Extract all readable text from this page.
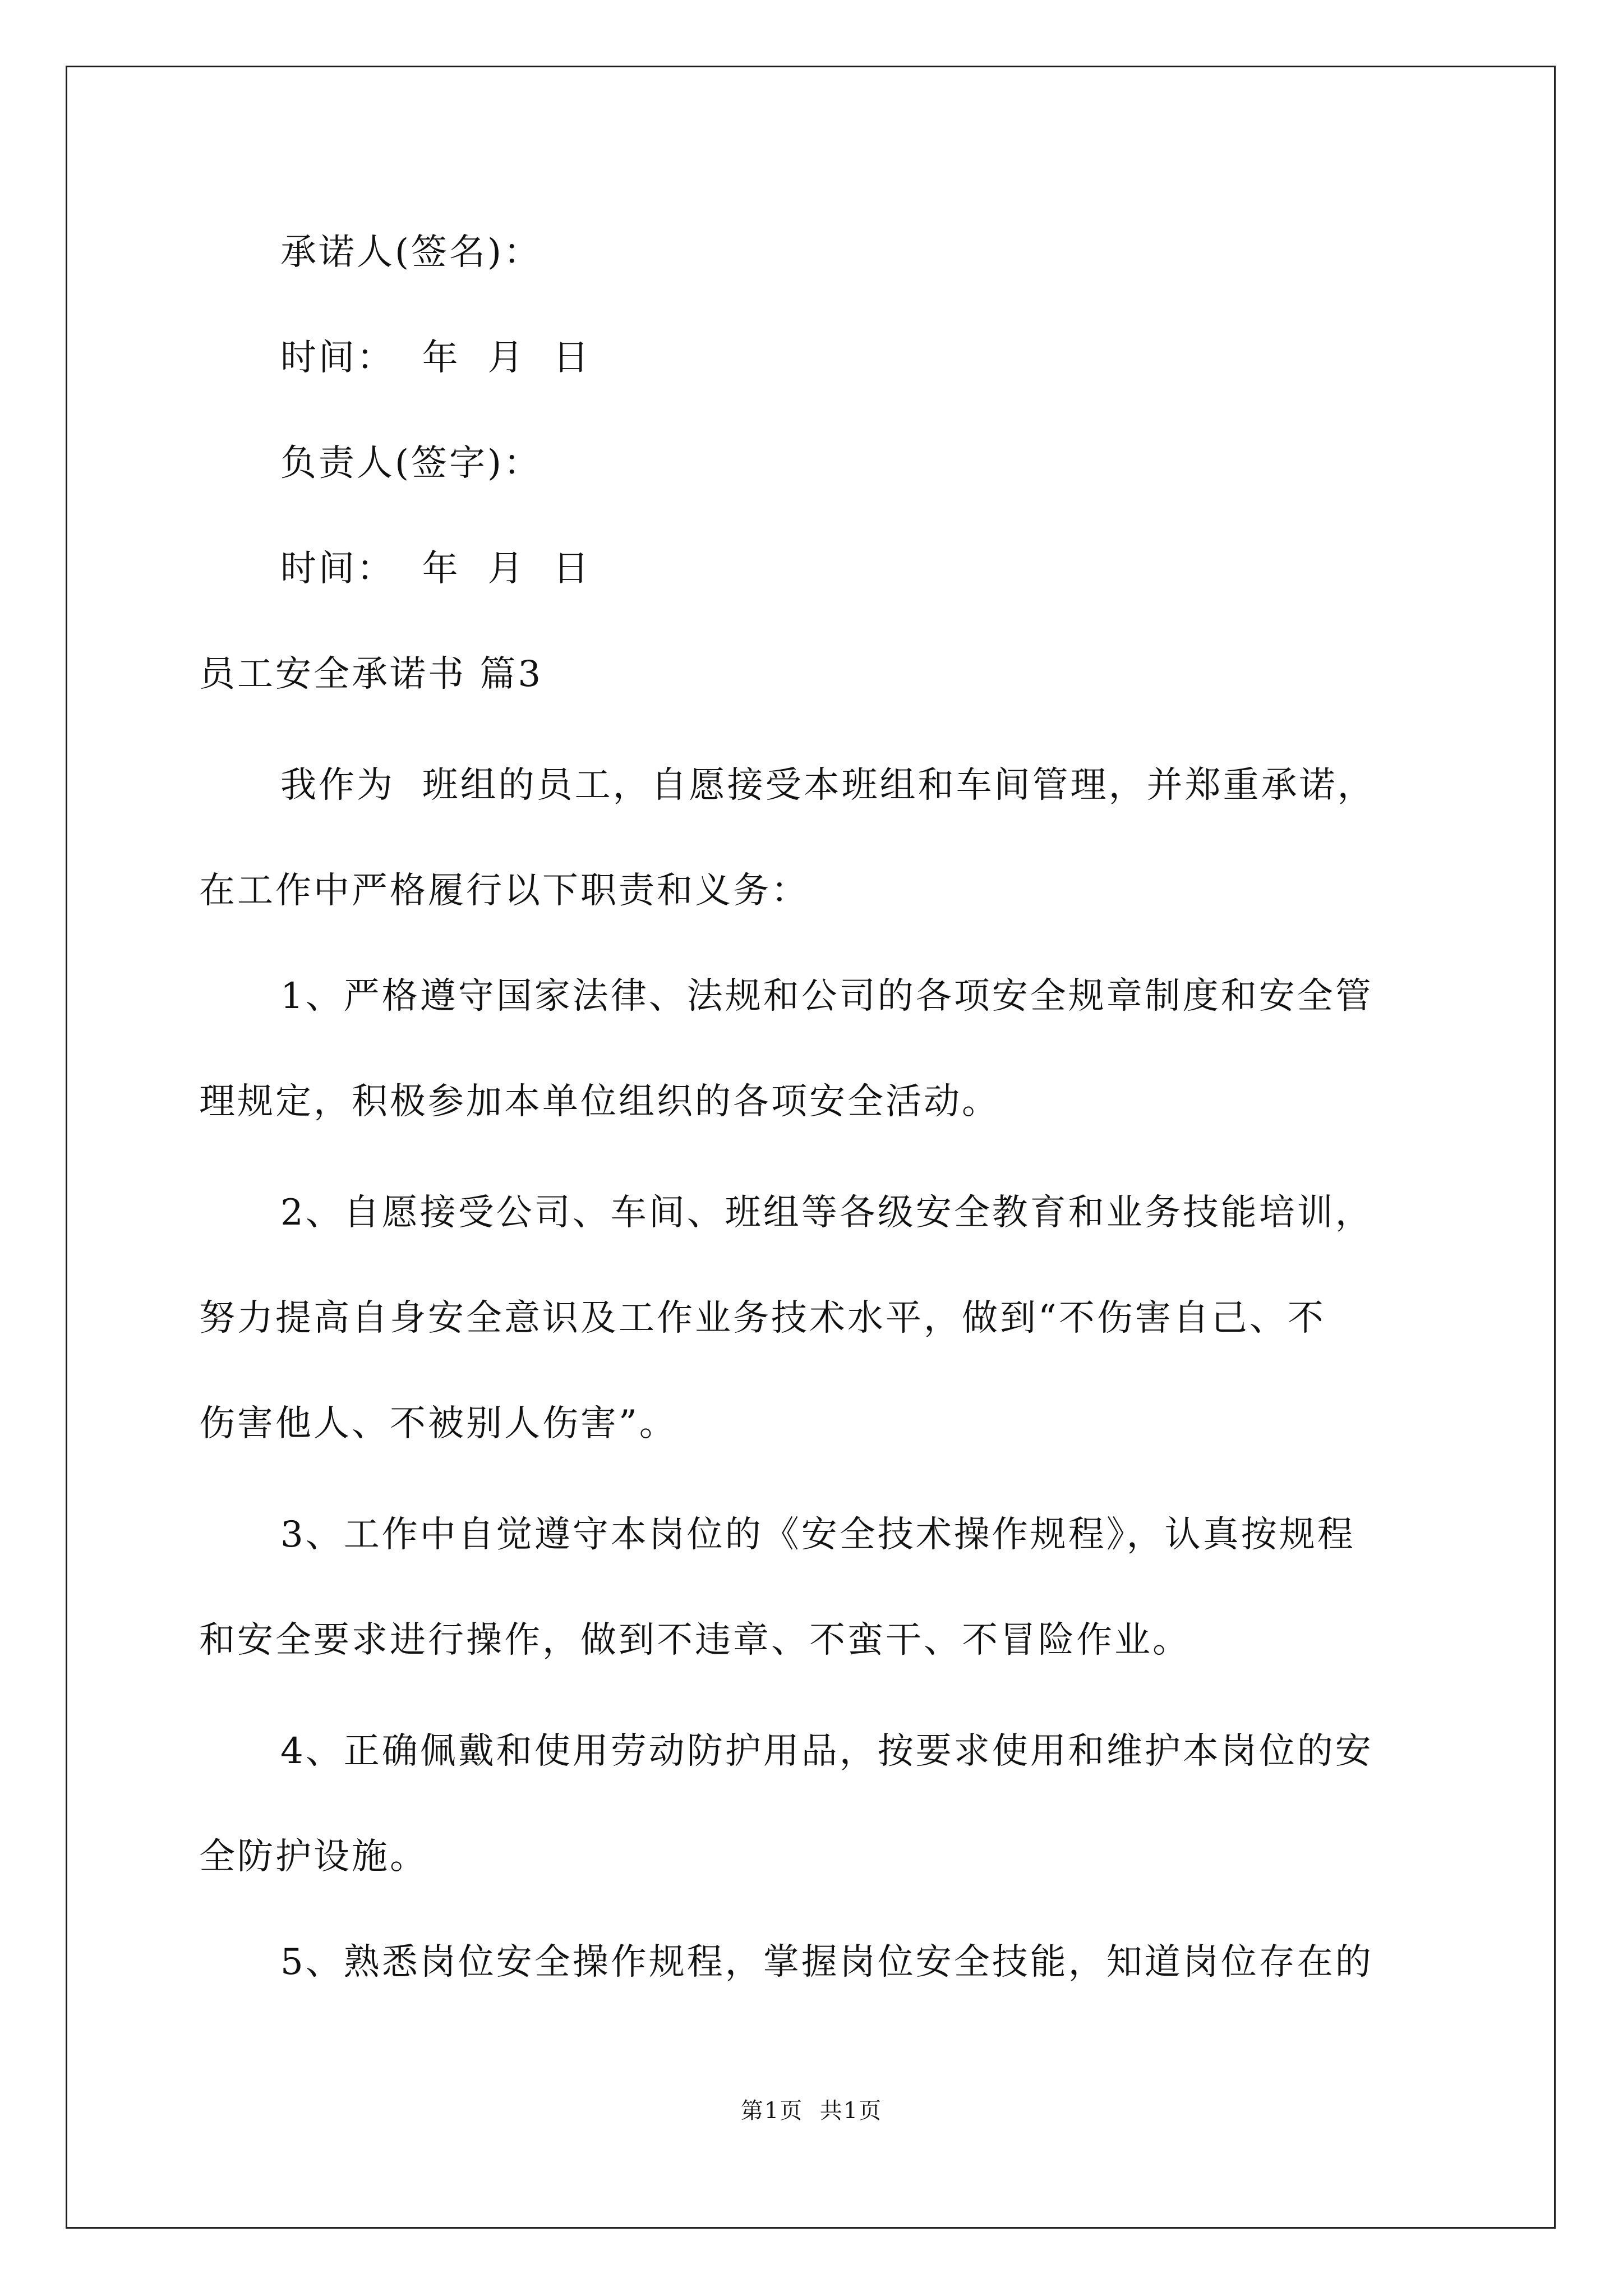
承诺人(签名)：
时间：  年  月  日
负责人(签字)：
时间：  年  月  日
员工安全承诺书 篇3
我作为  班组的员工，自愿接受本班组和车间管理，并郑重承诺，
在工作中严格履行以下职责和义务：
1、严格遵守国家法律、法规和公司的各项安全规章制度和安全管
理规定，积极参加本单位组织的各项安全活动。
2、自愿接受公司、车间、班组等各级安全教育和业务技能培训，
努力提高自身安全意识及工作业务技术水平，做到“不伤害自己、不
伤害他人、不被别人伤害”。
3、工作中自觉遵守本岗位的《安全技术操作规程》，认真按规程
和安全要求进行操作，做到不违章、不蛮干、不冒险作业。
4、正确佩戴和使用劳动防护用品，按要求使用和维护本岗位的安
全防护设施。
5、熟悉岗位安全操作规程，掌握岗位安全技能，知道岗位存在的
第1页  共1页
